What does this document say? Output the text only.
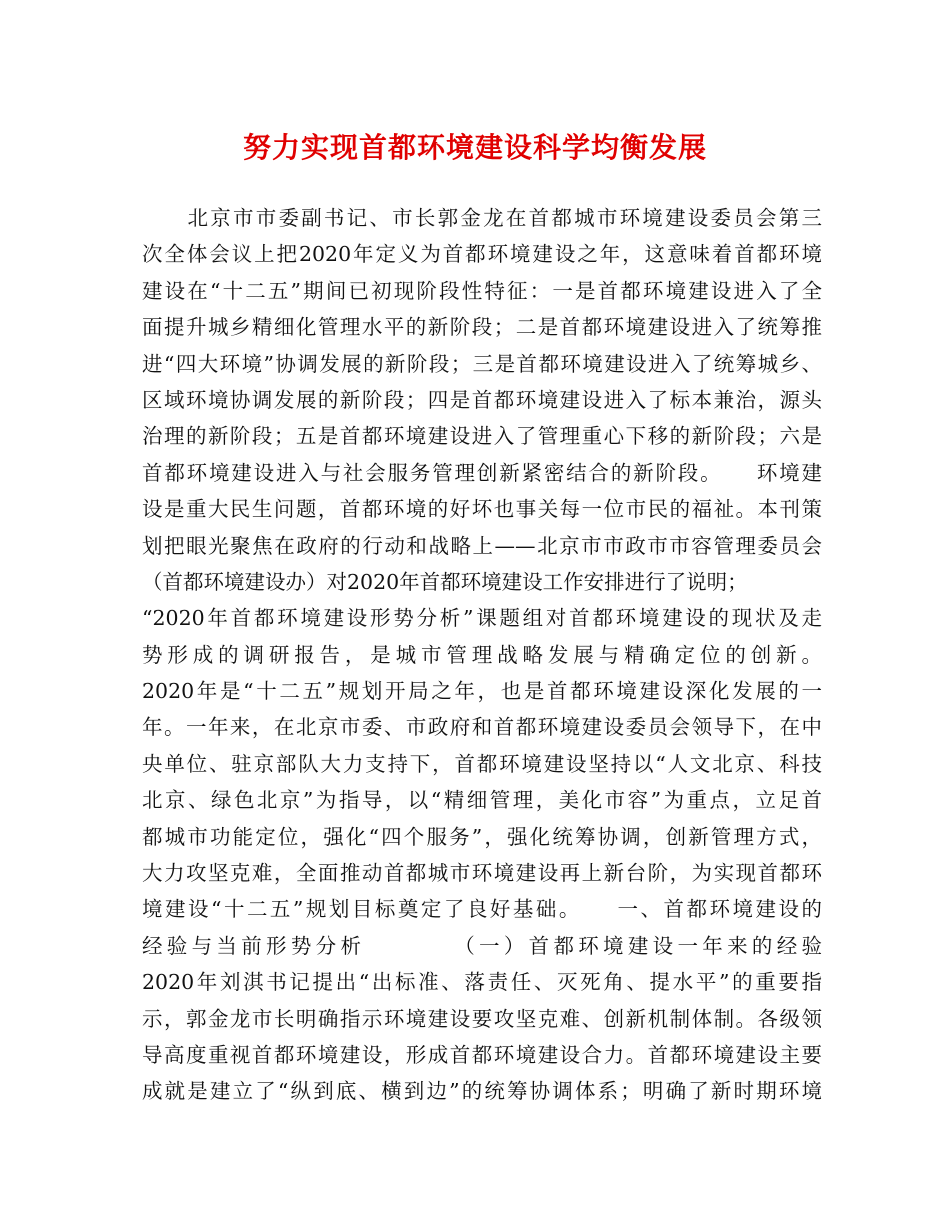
努力实现首都环境建设科学均衡发展
　　北京市市委副书记、市长郭金龙在首都城市环境建设委员会第三
次全体会议上把2020年定义为首都环境建设之年，这意味着首都环境
建设在“十二五”期间已初现阶段性特征：一是首都环境建设进入了全
面提升城乡精细化管理水平的新阶段；二是首都环境建设进入了统筹推
进“四大环境”协调发展的新阶段；三是首都环境建设进入了统筹城乡、
区域环境协调发展的新阶段；四是首都环境建设进入了标本兼治，源头
治理的新阶段；五是首都环境建设进入了管理重心下移的新阶段；六是
首都环境建设进入与社会服务管理创新紧密结合的新阶段。　　环境建
设是重大民生问题，首都环境的好坏也事关每一位市民的福祉。本刊策
划把眼光聚焦在政府的行动和战略上——北京市市政市市容管理委员会
（首都环境建设办）对2020年首都环境建设工作安排进行了说明；
“2020年首都环境建设形势分析”课题组对首都环境建设的现状及走
势形成的调研报告，是城市管理战略发展与精确定位的创新。
2020年是“十二五”规划开局之年，也是首都环境建设深化发展的一
年。一年来，在北京市委、市政府和首都环境建设委员会领导下，在中
央单位、驻京部队大力支持下，首都环境建设坚持以“人文北京、科技
北京、绿色北京”为指导，以“精细管理，美化市容”为重点，立足首
都城市功能定位，强化“四个服务”，强化统筹协调，创新管理方式，
大力攻坚克难，全面推动首都城市环境建设再上新台阶，为实现首都环
境建设“十二五”规划目标奠定了良好基础。　　一、首都环境建设的
经验与当前形势分析　　　　（一）首都环境建设一年来的经验
2020年刘淇书记提出“出标准、落责任、灭死角、提水平”的重要指
示，郭金龙市长明确指示环境建设要攻坚克难、创新机制体制。各级领
导高度重视首都环境建设，形成首都环境建设合力。首都环境建设主要
成就是建立了“纵到底、横到边”的统筹协调体系；明确了新时期环境
